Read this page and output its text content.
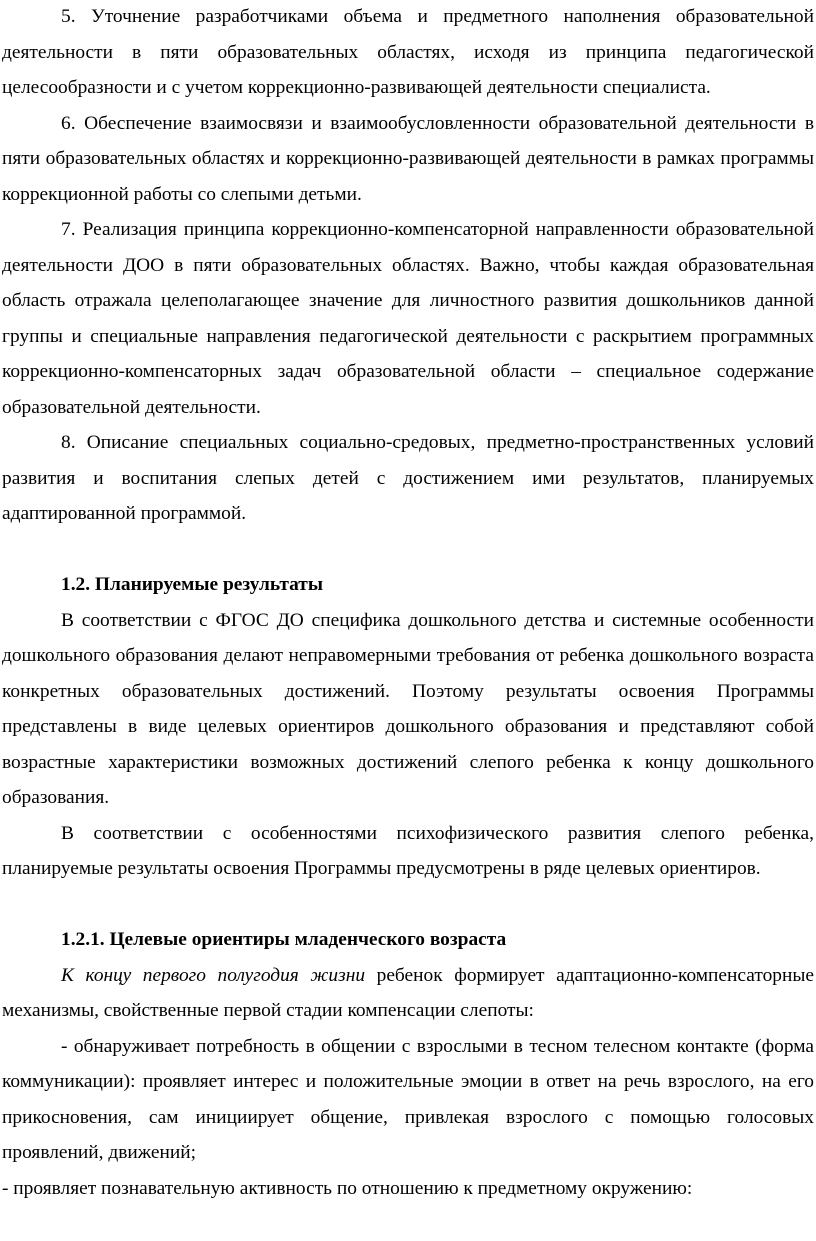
5. Уточнение разработчиками объема и предметного наполнения образовательной деятельности в пяти образовательных областях, исходя из принципа педагогической целесообразности и с учетом коррекционно-развивающей деятельности специалиста.

6. Обеспечение взаимосвязи и взаимообусловленности образовательной деятельности в пяти образовательных областях и коррекционно-развивающей деятельности в рамках программы коррекционной работы со слепыми детьми.

7. Реализация принципа коррекционно-компенсаторной направленности образовательной деятельности ДОО в пяти образовательных областях. Важно, чтобы каждая образовательная область отражала целеполагающее значение для личностного развития дошкольников данной группы и специальные направления педагогической деятельности с раскрытием программных коррекционно-компенсаторных задач образовательной области – специальное содержание образовательной деятельности.

8. Описание специальных социально-средовых, предметно-пространственных условий развития и воспитания слепых детей с достижением ими результатов, планируемых адаптированной программой.

1.2. Планируемые результаты

В соответствии с ФГОС ДО специфика дошкольного детства и системные особенности дошкольного образования делают неправомерными требования от ребенка дошкольного возраста конкретных образовательных достижений. Поэтому результаты освоения Программы представлены в виде целевых ориентиров дошкольного образования и представляют собой возрастные характеристики возможных достижений слепого ребенка к концу дошкольного образования.

В соответствии с особенностями психофизического развития слепого ребенка, планируемые результаты освоения Программы предусмотрены в ряде целевых ориентиров.

1.2.1. Целевые ориентиры младенческого возраста

К концу первого полугодия жизни ребенок формирует адаптационно-компенсаторные механизмы, свойственные первой стадии компенсации слепоты:

- обнаруживает потребность в общении с взрослыми в тесном телесном контакте (форма коммуникации): проявляет интерес и положительные эмоции в ответ на речь взрослого, на его прикосновения, сам инициирует общение, привлекая взрослого с помощью голосовых проявлений, движений;

- проявляет познавательную активность по отношению к предметному окружению:
